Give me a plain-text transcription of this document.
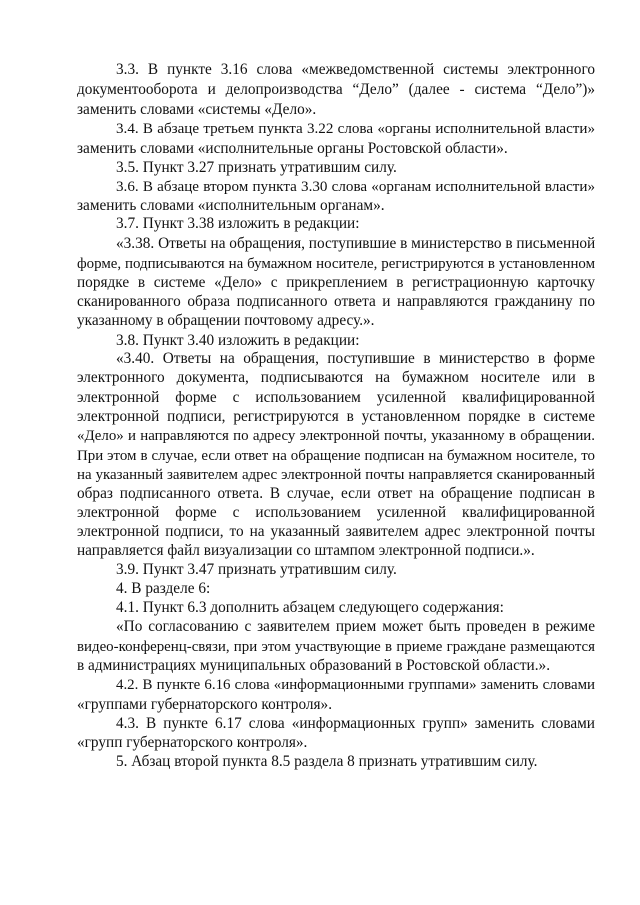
3.3. В пункте 3.16 слова «межведомственной системы электронного
документооборота и делопроизводства “Дело” (далее - система “Дело”)»
заменить словами «системы «Дело».
3.4. В абзаце третьем пункта 3.22 слова «органы исполнительной власти»
заменить словами «исполнительные органы Ростовской области».
3.5. Пункт 3.27 признать утратившим силу.
3.6. В абзаце втором пункта 3.30 слова «органам исполнительной власти»
заменить словами «исполнительным органам».
3.7. Пункт 3.38 изложить в редакции:
«3.38. Ответы на обращения, поступившие в министерство в письменной
форме, подписываются на бумажном носителе, регистрируются в установленном
порядке в системе «Дело» с прикреплением в регистрационную карточку
сканированного образа подписанного ответа и направляются гражданину по
указанному в обращении почтовому адресу.».
3.8. Пункт 3.40 изложить в редакции:
«3.40. Ответы на обращения, поступившие в министерство в форме
электронного документа, подписываются на бумажном носителе или в
электронной форме с использованием усиленной квалифицированной
электронной подписи, регистрируются в установленном порядке в системе
«Дело» и направляются по адресу электронной почты, указанному в обращении.
При этом в случае, если ответ на обращение подписан на бумажном носителе, то
на указанный заявителем адрес электронной почты направляется сканированный
образ подписанного ответа. В случае, если ответ на обращение подписан в
электронной форме с использованием усиленной квалифицированной
электронной подписи, то на указанный заявителем адрес электронной почты
направляется файл визуализации со штампом электронной подписи.».
3.9. Пункт 3.47 признать утратившим силу.
4. В разделе 6:
4.1. Пункт 6.3 дополнить абзацем следующего содержания:
«По согласованию с заявителем прием может быть проведен в режиме
видео-конференц-связи, при этом участвующие в приеме граждане размещаются
в администрациях муниципальных образований в Ростовской области.».
4.2. В пункте 6.16 слова «информационными группами» заменить словами
«группами губернаторского контроля».
4.3. В пункте 6.17 слова «информационных групп» заменить словами
«групп губернаторского контроля».
5. Абзац второй пункта 8.5 раздела 8 признать утратившим силу.
